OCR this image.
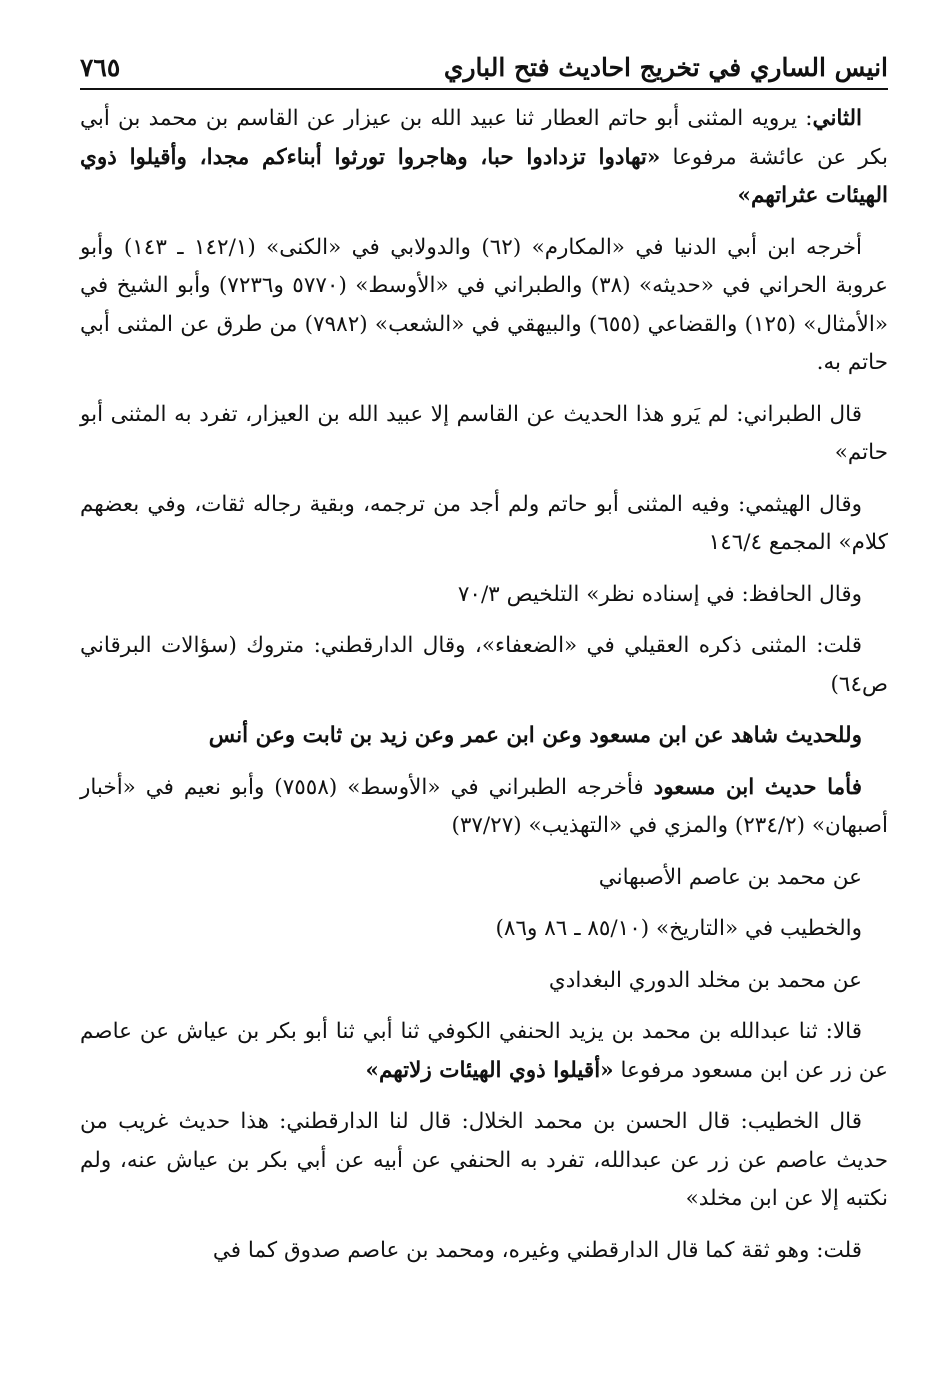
انيس الساري في تخريج احاديث فتح الباري
٧٦٥

الثاني: يرويه المثنى أبو حاتم العطار ثنا عبيد الله بن عيزار عن القاسم بن محمد بن أبي بكر عن عائشة مرفوعا «تهادوا تزدادوا حبا، وهاجروا تورثوا أبناءكم مجدا، وأقيلوا ذوي الهيئات عثراتهم»

أخرجه ابن أبي الدنيا في «المكارم» (٦٢) والدولابي في «الكنى» (١٤٢/١ ـ ١٤٣) وأبو عروبة الحراني في «حديثه» (٣٨) والطبراني في «الأوسط» (٥٧٧٠ و٧٢٣٦) وأبو الشيخ في «الأمثال» (١٢٥) والقضاعي (٦٥٥) والبيهقي في «الشعب» (٧٩٨٢) من طرق عن المثنى أبي حاتم به.

قال الطبراني: لم يَرو هذا الحديث عن القاسم إلا عبيد الله بن العيزار، تفرد به المثنى أبو حاتم»

وقال الهيثمي: وفيه المثنى أبو حاتم ولم أجد من ترجمه، وبقية رجاله ثقات، وفي بعضهم كلام» المجمع ١٤٦/٤

وقال الحافظ: في إسناده نظر» التلخيص ٧٠/٣

قلت: المثنى ذكره العقيلي في «الضعفاء»، وقال الدارقطني: متروك (سؤالات البرقاني ص٦٤)

وللحديث شاهد عن ابن مسعود وعن ابن عمر وعن زيد بن ثابت وعن أنس

فأما حديث ابن مسعود فأخرجه الطبراني في «الأوسط» (٧٥٥٨) وأبو نعيم في «أخبار أصبهان» (٢٣٤/٢) والمزي في «التهذيب» (٣٧/٢٧)

عن محمد بن عاصم الأصبهاني

والخطيب في «التاريخ» (٨٥/١٠ ـ ٨٦ و٨٦)

عن محمد بن مخلد الدوري البغدادي

قالا: ثنا عبدالله بن محمد بن يزيد الحنفي الكوفي ثنا أبي ثنا أبو بكر بن عياش عن عاصم عن زر عن ابن مسعود مرفوعا «أقيلوا ذوي الهيئات زلاتهم»

قال الخطيب: قال الحسن بن محمد الخلال: قال لنا الدارقطني: هذا حديث غريب من حديث عاصم عن زر عن عبدالله، تفرد به الحنفي عن أبيه عن أبي بكر بن عياش عنه، ولم نكتبه إلا عن ابن مخلد»

قلت: وهو ثقة كما قال الدارقطني وغيره، ومحمد بن عاصم صدوق كما في
